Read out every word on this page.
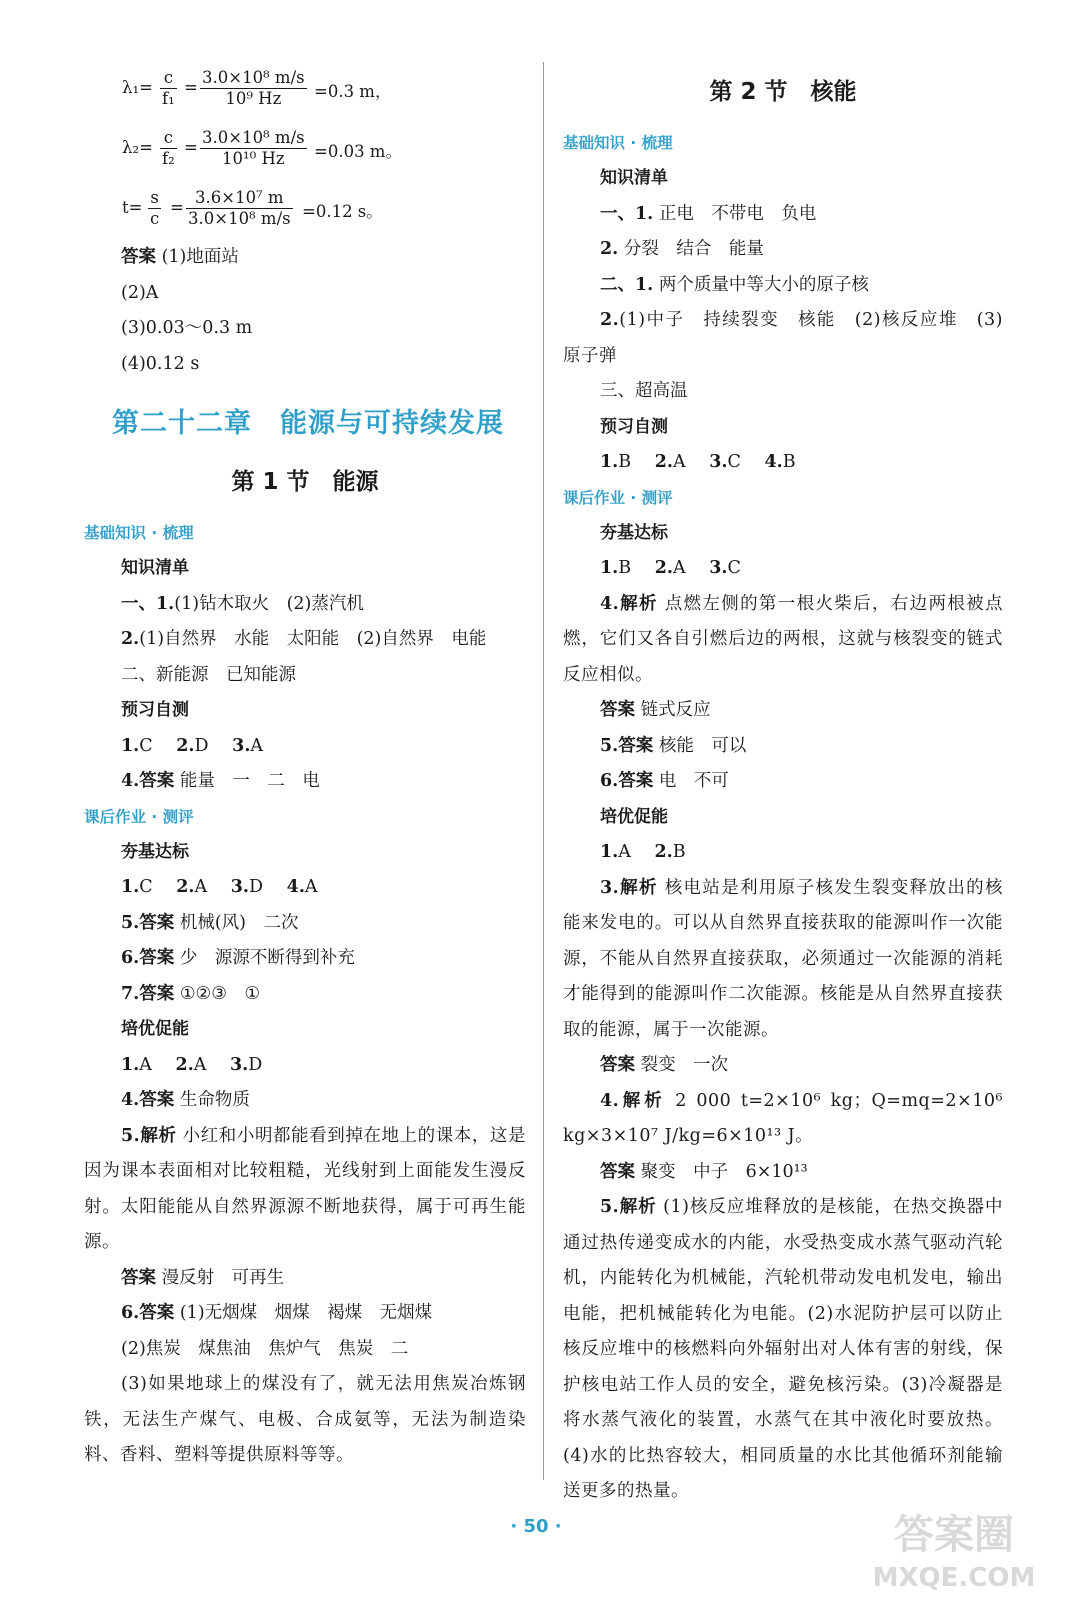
$\lambda_1= \frac{c}{\text{f₁}} = \frac{\text{3.0×10⁸ m/s}}{\text{10⁹ Hz}} =0.3$ m，
$\lambda_2= \frac{c}{\text{f₂}} = \frac{\text{3.0×10⁸ m/s}}{\text{10¹⁰ Hz}} =0.03$ m。
$t= \frac{s}{c} = \frac{\text{3.6×10⁷ m}}{\text{3.0×10⁸ m/s}} =0.12$ s。
答案 (1)地面站
(2)A
(3)0.03～0.3 m
(4)0.12 s
第二十二章　能源与可持续发展
第 1 节　能源
基础知识 · 梳理
知识清单
一、1.(1)钻木取火　(2)蒸汽机
2.(1)自然界　水能　太阳能　(2)自然界　电能
二、新能源　已知能源
预习自测
1.C 2.D 3.A
4.答案 能量　一　二　电
课后作业 · 测评
夯基达标
1.C 2.A 3.D 4.A
5.答案 机械(风)　二次
6.答案 少　源源不断得到补充
7.答案 ①②③　①
培优促能
1.A 2.A 3.D
4.答案 生命物质
5.解析 小红和小明都能看到掉在地上的课本，这是因为课本表面相对比较粗糙，光线射到上面能发生漫反射。太阳能能从自然界源源不断地获得，属于可再生能源。
答案 漫反射　可再生
6.答案 (1)无烟煤　烟煤　褐煤　无烟煤
(2)焦炭　煤焦油　焦炉气　焦炭　二
(3)如果地球上的煤没有了，就无法用焦炭冶炼钢铁，无法生产煤气、电极、合成氨等，无法为制造染料、香料、塑料等提供原料等等。
第 2 节　核能
基础知识 · 梳理
知识清单
一、1. 正电　不带电　负电
2. 分裂　结合　能量
二、1. 两个质量中等大小的原子核
2.(1)中子　持续裂变　核能　(2)核反应堆　(3)原子弹
三、超高温
预习自测
1.B 2.A 3.C 4.B
课后作业 · 测评
夯基达标
1.B 2.A 3.C
4.解析 点燃左侧的第一根火柴后，右边两根被点燃，它们又各自引燃后边的两根，这就与核裂变的链式反应相似。
答案 链式反应
5.答案 核能　可以
6.答案 电　不可
培优促能
1.A 2.B
3.解析 核电站是利用原子核发生裂变释放出的核能来发电的。可以从自然界直接获取的能源叫作一次能源，不能从自然界直接获取，必须通过一次能源的消耗才能得到的能源叫作二次能源。核能是从自然界直接获取的能源，属于一次能源。
答案 裂变　一次
4.解析 2 000 t=2×10⁶ kg；Q=mq=2×10⁶ kg×3×10⁷ J/kg=6×10¹³ J。
答案 聚变　中子　6×10¹³
5.解析 (1)核反应堆释放的是核能，在热交换器中通过热传递变成水的内能，水受热变成水蒸气驱动汽轮机，内能转化为机械能，汽轮机带动发电机发电，输出电能，把机械能转化为电能。(2)水泥防护层可以防止核反应堆中的核燃料向外辐射出对人体有害的射线，保护核电站工作人员的安全，避免核污染。(3)冷凝器是将水蒸气液化的装置，水蒸气在其中液化时要放热。(4)水的比热容较大，相同质量的水比其他循环剂能输送更多的热量。
· 50 ·	答案圈
MXQE.COM
